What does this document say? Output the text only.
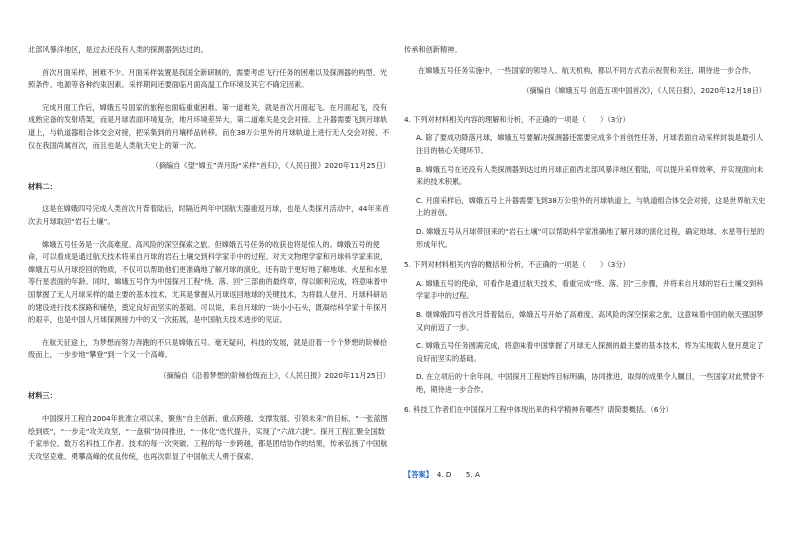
北部风暴洋地区，是过去还没有人类的探测器到达过的。

首次月面采样，困难不少。月面采样装置是我国全新研制的，需要考虑飞行任务的困难以及探测器的构型、光照条件、电源等各种约束因素。采样期间还要面临月面高温工作环境及其它不确定因素。

完成月面工作后，嫦娥五号国家的旅程也面临重重困难。第一道难关，就是首次月面起飞。在月面起飞，没有成熟完备的发射塔架，而是月球表面环境复杂，地月环境差异大。第二道难关是交会对接。上升器需要飞到月球轨道上，与轨道器组合体交会对接，把采集到的月壤样品转移。而在38万公里外的月球轨道上进行无人交会对接，不仅在我国尚属首次，而且也是人类航天史上的第一次。

（摘编自《望“嫦五”弄月盼“采样”首归》，《人民日报》2020年11月25日）

材料二：

这是在嫦娥四号完成人类首次月背着陆后，时隔近两年中国航天器重返月球，也是人类探月活动中，44年来首次去月球取回“岩石土壤”。

嫦娥五号任务是一次高难度、高风险的深空探索之旅。但嫦娥五号任务的收获也将是惊人的。嫦娥五号的使命，可以看成是通过航天技术将来自月球的岩石土壤交到科学家手中的过程。对天文物理学家和月球科学家来说，嫦娥五号从月球挖回的物质，不仅可以帮助他们更准确地了解月球的演化，还有助于更好地了解地球、火星和水星等行星表面的年龄。同时，嫦娥五号作为中国探月工程“绕、落、回”三部曲的最终章，得以顺利完成，将意味着中国掌握了无人月球采样的最主要的基本技术，尤其是掌握从月球返回地球的关键技术，为将载人登月、月球科研站的建设进行技术探路和铺垫，奠定良好而坚实的基础。可以说，来自月球的一块小小石头，既凝结科学家十年探月的艰辛，也是中国人月球探测接力中的又一次拓展，是中国航天技术进步的见证。

在航天征途上，为梦想而努力奔跑的不只是嫦娥五号。毫无疑问，科技的发展，就是沿着一个个梦想的阶梯拾级而上，一步步地“攀登”到一个又一个高峰。

（摘编自《沿着梦想的阶梯拾级而上》，《人民日报》2020年11月25日）

材料三：

中国探月工程自2004年批准立项以来，聚焦“自主创新、重点跨越、支撑发展、引领未来”的目标，“一张蓝图绘到底”，“一步走”攻关攻坚，“一盘棋”协同推进，“一体化”迭代提升，实现了“六战六捷”。探月工程汇聚全国数千家单位、数万名科技工作者。技术的每一次突破、工程的每一步跨越，都是团结协作的结果，传承弘扬了中国航天攻坚克难、勇攀高峰的优良传统，也再次彰显了中国航天人勇于探索、

传承和创新精神。

在嫦娥五号任务实施中，一些国家的领导人、航天机构，都以不同方式表示祝贺和关注，期待进一步合作。

（摘编自《嫦娥五号 创造五项中国首次》，《人民日报》，2020年12月18日）

4. 下列对材料相关内容的理解和分析，不正确的一项是（　　）（3分）

A. 除了要成功降落月球，嫦娥五号要解决探测器还需要完成多个首创性任务，月球表面自动采样封装是最引人注目的核心关键环节。

B. 嫦娥五号在还没有人类探测器到达过的月球正面西北部风暴洋地区着陆，可以提升采样效率，并实现面向未来的技术积累。

C. 月面采样后，嫦娥五号上升器需要飞到38万公里外的月球轨道上，与轨道组合体交会对接，这是世界航天史上的首创。

D. 嫦娥五号从月球带回来的“岩石土壤”可以帮助科学家准确地了解月球的演化过程，确定地球、水星等行星的形成年代。

5. 下列对材料相关内容的概括和分析，不正确的一项是（　　）（3分）

A. 嫦娥五号的使命，可看作是通过航天技术，看重完成“绕、落、回”三步骤，并将来自月球的岩石土壤交到科学家手中的过程。

B. 继嫦娥四号首次月背着陆后，嫦娥五号开始了高难度、高风险的深空探索之旅，这意味着中国的航天强国梦又向前迈了一步。

C. 嫦娥五号任务圆满完成，将意味着中国掌握了月球无人探测的最主要的基本技术，将为实现载人登月奠定了良好而坚实的基础。

D. 在立项后的十余年间，中国探月工程始终目标明确，协同推进，取得的成果令人瞩目，一些国家对此赞誉不绝，期待进一步合作。

6. 科技工作者们在中国探月工程中体现出来的科学精神有哪些？请简要概括。（6分）

【答案】 4. D　　5. A
